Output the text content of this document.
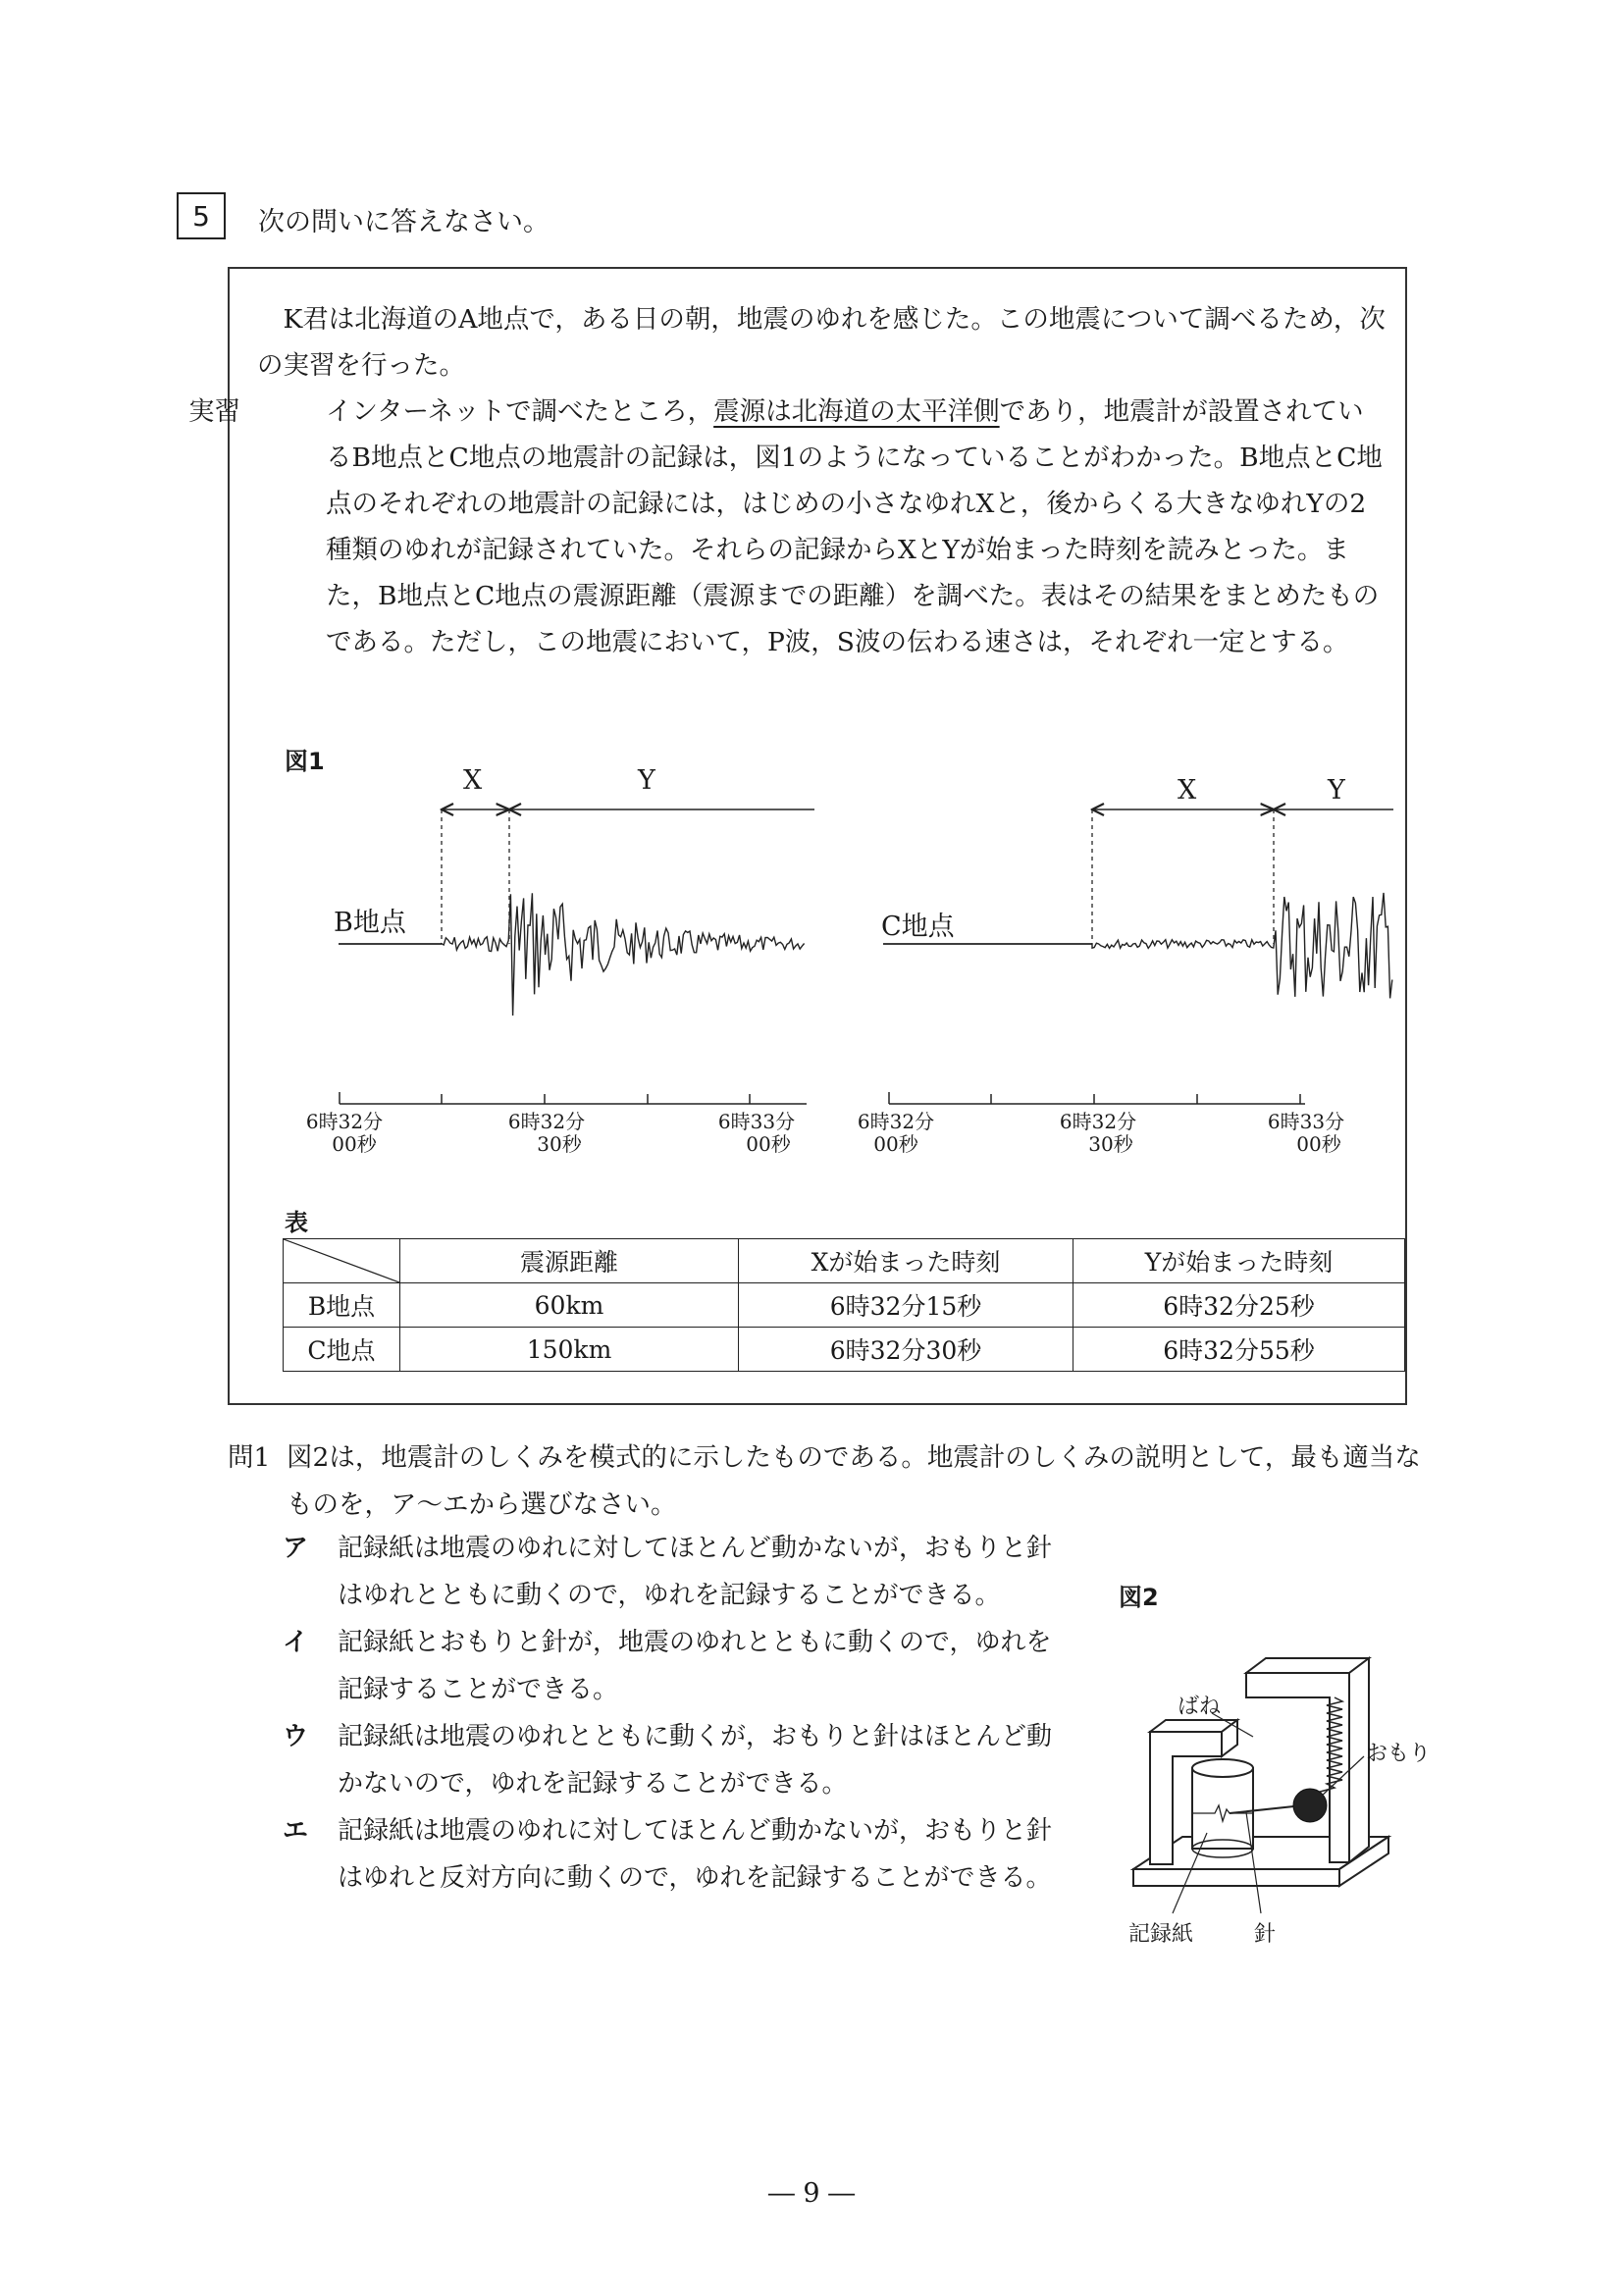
5 次の問いに答えなさい。

K君は北海道のA地点で，ある日の朝，地震のゆれを感じた。この地震について調べるため，次の実習を行った。

実習	インターネットで調べたところ，震源は北海道の太平洋側であり，地震計が設置されているB地点とC地点の地震計の記録は，図1のようになっていることがわかった。B地点とC地点のそれぞれの地震計の記録には，はじめの小さなゆれXと，後からくる大きなゆれYの2種類のゆれが記録されていた。それらの記録からXとYが始まった時刻を読みとった。また，B地点とC地点の震源距離（震源までの距離）を調べた。表はその結果をまとめたものである。ただし，この地震において，P波，S波の伝わる速さは，それぞれ一定とする。

図1
X	Y	X	Y
B地点	C地点
6時32分
00秒
6時32分
30秒
6時33分
00秒
6時32分
00秒
6時32分
30秒
6時33分
00秒
表
	震源距離	Xが始まった時刻	Yが始まった時刻
B地点	60km	6時32分15秒	6時32分25秒
C地点	150km	6時32分30秒	6時32分55秒

問1 図2は，地震計のしくみを模式的に示したものである。地震計のしくみの説明として，最も適当なものを，ア～エから選びなさい。

ア	記録紙は地震のゆれに対してほとんど動かないが，おもりと針はゆれとともに動くので，ゆれを記録することができる。
イ	記録紙とおもりと針が，地震のゆれとともに動くので，ゆれを記録することができる。
ウ	記録紙は地震のゆれとともに動くが，おもりと針はほとんど動かないので，ゆれを記録することができる。
エ	記録紙は地震のゆれに対してほとんど動かないが，おもりと針はゆれと反対方向に動くので，ゆれを記録することができる。
図2
ばね
おもり
記録紙	針
― 9 ―
